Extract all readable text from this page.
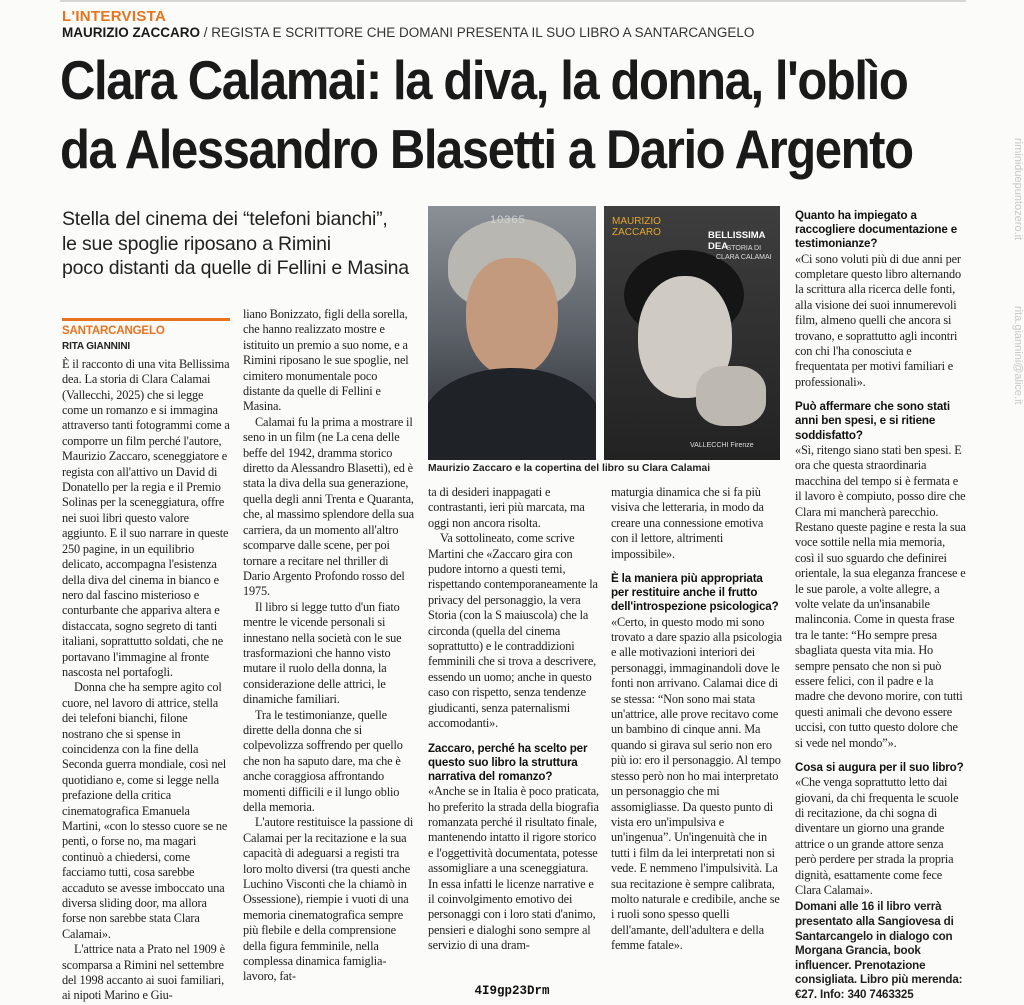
L'INTERVISTA
MAURIZIO ZACCARO / REGISTA E SCRITTORE CHE DOMANI PRESENTA IL SUO LIBRO A SANTARCANGELO
Clara Calamai: la diva, la donna, l'oblìo
da Alessandro Blasetti a Dario Argento
Stella del cinema dei “telefoni bianchi”,
le sue spoglie riposano a Rimini
poco distanti da quelle di Fellini e Masina
10365	MAURIZIO
ZACCARO	BELLISSIMA DEA
STORIA DI
CLARA CALAMAI
VALLECCHI Firenze
Maurizio Zaccaro e la copertina del libro su Clara Calamai
SANTARCANGELO
RITA GIANNINI

È il racconto di una vita Bellissima dea. La storia di Clara Calamai (Vallecchi, 2025) che si legge come un romanzo e si immagina attraverso tanti fotogrammi come a comporre un film perché l'autore, Maurizio Zaccaro, sceneggiatore e regista con all'attivo un David di Donatello per la regia e il Premio Solinas per la sceneggiatura, offre nei suoi libri questo valore aggiunto. E il suo narrare in queste 250 pagine, in un equilibrio delicato, accompagna l'esistenza della diva del cinema in bianco e nero dal fascino misterioso e conturbante che appariva altera e distaccata, sogno segreto di tanti italiani, soprattutto soldati, che ne portavano l'immagine al fronte nascosta nel portafogli.

Donna che ha sempre agito col cuore, nel lavoro di attrice, stella dei telefoni bianchi, filone nostrano che si spense in coincidenza con la fine della Seconda guerra mondiale, così nel quotidiano e, come si legge nella prefazione della critica cinematografica Emanuela Martini, «con lo stesso cuore se ne pentì, o forse no, ma magari continuò a chiedersi, come facciamo tutti, cosa sarebbe accaduto se avesse imboccato una diversa sliding door, ma allora forse non sarebbe stata Clara Calamai».

L'attrice nata a Prato nel 1909 è scomparsa a Rimini nel settembre del 1998 accanto ai suoi familiari, ai nipoti Marino e Giu-

liano Bonizzato, figli della sorella, che hanno realizzato mostre e istituito un premio a suo nome, e a Rimini riposano le sue spoglie, nel cimitero monumentale poco distante da quelle di Fellini e Masina.

Calamai fu la prima a mostrare il seno in un film (ne La cena delle beffe del 1942, dramma storico diretto da Alessandro Blasetti), ed è stata la diva della sua generazione, quella degli anni Trenta e Quaranta, che, al massimo splendore della sua carriera, da un momento all'altro scomparve dalle scene, per poi tornare a recitare nel thriller di Dario Argento Profondo rosso del 1975.

Il libro si legge tutto d'un fiato mentre le vicende personali si innestano nella società con le sue trasformazioni che hanno visto mutare il ruolo della donna, la considerazione delle attrici, le dinamiche familiari.

Tra le testimonianze, quelle dirette della donna che si colpevolizza soffrendo per quello che non ha saputo dare, ma che è anche coraggiosa affrontando momenti difficili e il lungo oblio della memoria.

L'autore restituisce la passione di Calamai per la recitazione e la sua capacità di adeguarsi a registi tra loro molto diversi (tra questi anche Luchino Visconti che la chiamò in Ossessione), riempie i vuoti di una memoria cinematografica sempre più flebile e della comprensione della figura femminile, nella complessa dinamica famiglia-lavoro, fat-

ta di desideri inappagati e contrastanti, ieri più marcata, ma oggi non ancora risolta.

Va sottolineato, come scrive Martini che «Zaccaro gira con pudore intorno a questi temi, rispettando contemporaneamente la privacy del personaggio, la vera Storia (con la S maiuscola) che la circonda (quella del cinema soprattutto) e le contraddizioni femminili che si trova a descrivere, essendo un uomo; anche in questo caso con rispetto, senza tendenze giudicanti, senza paternalismi accomodanti».

Zaccaro, perché ha scelto per questo suo libro la struttura narrativa del romanzo?

«Anche se in Italia è poco praticata, ho preferito la strada della biografia romanzata perché il risultato finale, mantenendo intatto il rigore storico e l'oggettività documentata, potesse assomigliare a una sceneggiatura. In essa infatti le licenze narrative e il coinvolgimento emotivo dei personaggi con i loro stati d'animo, pensieri e dialoghi sono sempre al servizio di una dram-

maturgia dinamica che si fa più visiva che letteraria, in modo da creare una connessione emotiva con il lettore, altrimenti impossibile».

È la maniera più appropriata per restituire anche il frutto dell'introspezione psicologica?

«Certo, in questo modo mi sono trovato a dare spazio alla psicologia e alle motivazioni interiori dei personaggi, immaginandoli dove le fonti non arrivano. Calamai dice di se stessa: “Non sono mai stata un'attrice, alle prove recitavo come un bambino di cinque anni. Ma quando si girava sul serio non ero più io: ero il personaggio. Al tempo stesso però non ho mai interpretato un personaggio che mi assomigliasse. Da questo punto di vista ero un'impulsiva e un'ingenua”. Un'ingenuità che in tutti i film da lei interpretati non si vede. E nemmeno l'impulsività. La sua recitazione è sempre calibrata, molto naturale e credibile, anche se i ruoli sono spesso quelli dell'amante, dell'adultera e della femme fatale».

Quanto ha impiegato a raccogliere documentazione e testimonianze?

«Ci sono voluti più di due anni per completare questo libro alternando la scrittura alla ricerca delle fonti, alla visione dei suoi innumerevoli film, almeno quelli che ancora si trovano, e soprattutto agli incontri con chi l'ha conosciuta e frequentata per motivi familiari e professionali».

Può affermare che sono stati anni ben spesi, e si ritiene soddisfatto?

«Sì, ritengo siano stati ben spesi. E ora che questa straordinaria macchina del tempo si è fermata e il lavoro è compiuto, posso dire che Clara mi mancherà parecchio. Restano queste pagine e resta la sua voce sottile nella mia memoria, così il suo sguardo che definirei orientale, la sua eleganza francese e le sue parole, a volte allegre, a volte velate da un'insanabile malinconia. Come in questa frase tra le tante: “Ho sempre presa sbagliata questa vita mia. Ho sempre pensato che non si può essere felici, con il padre e la madre che devono morire, con tutti questi animali che devono essere uccisi, con tutto questo dolore che si vede nel mondo”».

Cosa si augura per il suo libro?

«Che venga soprattutto letto dai giovani, da chi frequenta le scuole di recitazione, da chi sogna di diventare un giorno una grande attrice o un grande attore senza però perdere per strada la propria dignità, esattamente come fece Clara Calamai».

Domani alle 16 il libro verrà presentato alla Sangiovesa di Santarcangelo in dialogo con Morgana Grancia, book influencer. Prenotazione consigliata. Libro più merenda: €27. Info: 340 7463325
riminiduepuntozero.it
rita.giannini@alice.it
4I9gp23Drm
